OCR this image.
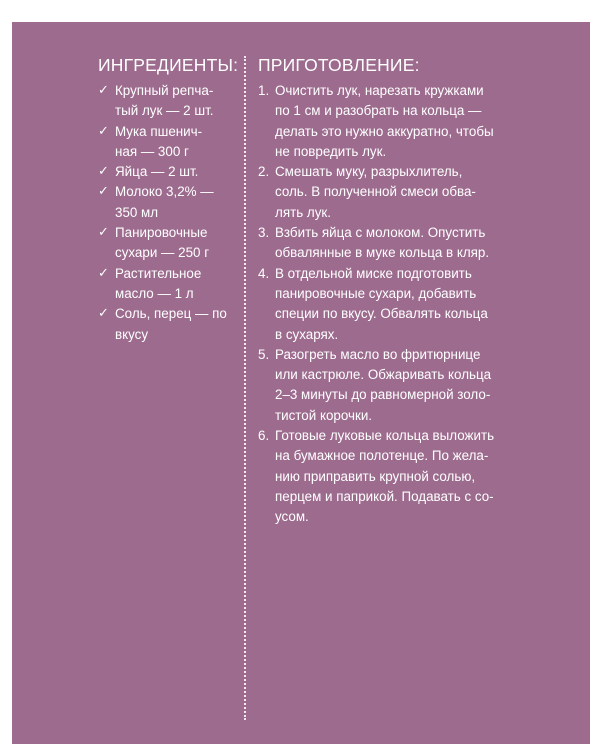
ИНГРЕДИЕНТЫ:
✓ Крупный репча-
тый лук — 2 шт.
✓ Мука пшенич-
ная — 300 г
✓ Яйца — 2 шт.
✓ Молоко 3,2% —
350 мл
✓ Панировочные
сухари — 250 г
✓ Растительное
масло — 1 л
✓ Соль, перец — по
вкусу
ПРИГОТОВЛЕНИЕ:
1. Очистить лук, нарезать кружками
по 1 см и разобрать на кольца —
делать это нужно аккуратно, чтобы
не повредить лук.
2. Смешать муку, разрыхлитель,
соль. В полученной смеси обва-
лять лук.
3. Взбить яйца с молоком. Опустить
обвалянные в муке кольца в кляр.
4. В отдельной миске подготовить
панировочные сухари, добавить
специи по вкусу. Обвалять кольца
в сухарях.
5. Разогреть масло во фритюрнице
или кастрюле. Обжаривать кольца
2–3 минуты до равномерной золо-
тистой корочки.
6. Готовые луковые кольца выложить
на бумажное полотенце. По жела-
нию приправить крупной солью,
перцем и паприкой. Подавать с со-
усом.
